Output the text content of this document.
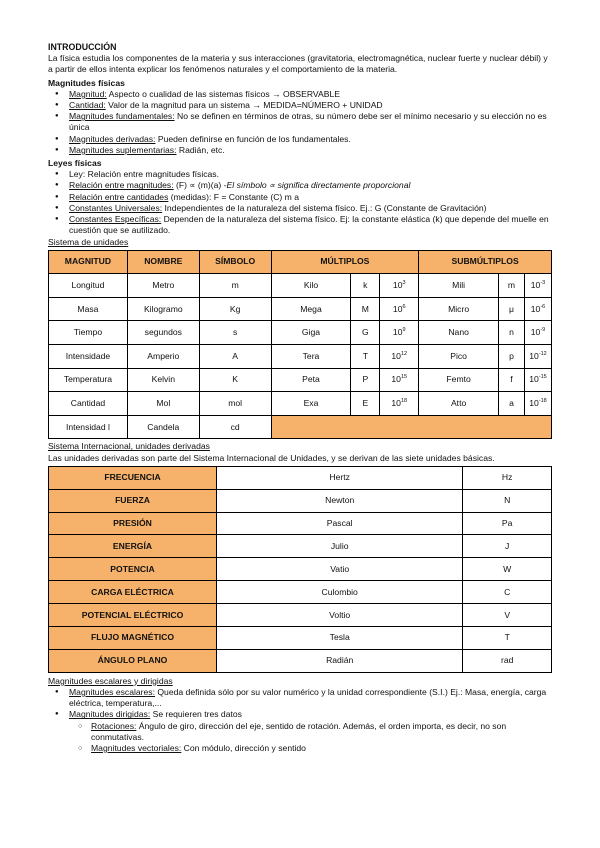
INTRODUCCIÓN

La física estudia los componentes de la materia y sus interacciones (gravitatoria, electromagnética, nuclear fuerte y nuclear débil) y a partir de ellos intenta explicar los fenómenos naturales y el comportamiento de la materia.

Magnitudes físicas

● Magnitud: Aspecto o cualidad de las sistemas físicos → OBSERVABLE
● Cantidad: Valor de la magnitud para un sistema → MEDIDA=NÚMERO + UNIDAD
● Magnitudes fundamentales: No se definen en términos de otras, su número debe ser el mínimo necesario y su elección no es única
● Magnitudes derivadas: Pueden definirse en función de los fundamentales.
● Magnitudes suplementarias: Radián, etc.

Leyes físicas

● Ley: Relación entre magnitudes físicas.
● Relación entre magnitudes: (F) ∝ (m)(a) -El símbolo ∝ significa directamente proporcional
● Relación entre cantidades (medidas): F = Constante (C) m a
● Constantes Universales: Independientes de la naturaleza del sistema físico. Ej.: G (Constante de Gravitación)
● Constantes Específicas: Dependen de la naturaleza del sistema físico. Ej: la constante elástica (k) que depende del muelle en cuestión que se autilizado.

Sistema de unidades

MAGNITUD	NOMBRE	SÍMBOLO	MÚLTIPLOS			SUBMÚLTIPLOS		
Longitud	Metro	m	Kilo	k	$10^3$	Mili	m	$10^{-3}$
Masa	Kilogramo	Kg	Mega	M	$10^6$	Micro	μ	$10^{-6}$
Tiempo	segundos	s	Giga	G	$10^9$	Nano	n	$10^{-9}$
Intensidade	Amperio	A	Tera	T	$10^{12}$	Pico	p	$10^{-12}$
Temperatura	Kelvin	K	Peta	P	$10^{15}$	Femto	f	$10^{-15}$
Cantidad	Mol	mol	Exa	E	$10^{18}$	Atto	a	$10^{-18}$
Intensidad l	Candela	cd						

Sistema Internacional, unidades derivadas

Las unidades derivadas son parte del Sistema Internacional de Unidades, y se derivan de las siete unidades básicas.

FRECUENCIA	Hertz	Hz
FUERZA	Newton	N
PRESIÓN	Pascal	Pa
ENERGÍA	Julio	J
POTENCIA	Vatio	W
CARGA ELÉCTRICA	Culombio	C
POTENCIAL ELÉCTRICO	Voltio	V
FLUJO MAGNÉTICO	Tesla	T
ÁNGULO PLANO	Radián	rad

Magnitudes escalares y dirigidas

● Magnitudes escalares: Queda definida sólo por su valor numérico y la unidad correspondiente (S.I.) Ej.: Masa, energía, carga eléctrica, temperatura,...
● Magnitudes dirigidas: Se requieren tres datos
○ Rotaciones: Ángulo de giro, dirección del eje, sentido de rotación. Además, el orden importa, es decir, no son conmutativas.
○ Magnitudes vectoriales: Con módulo, dirección y sentido
